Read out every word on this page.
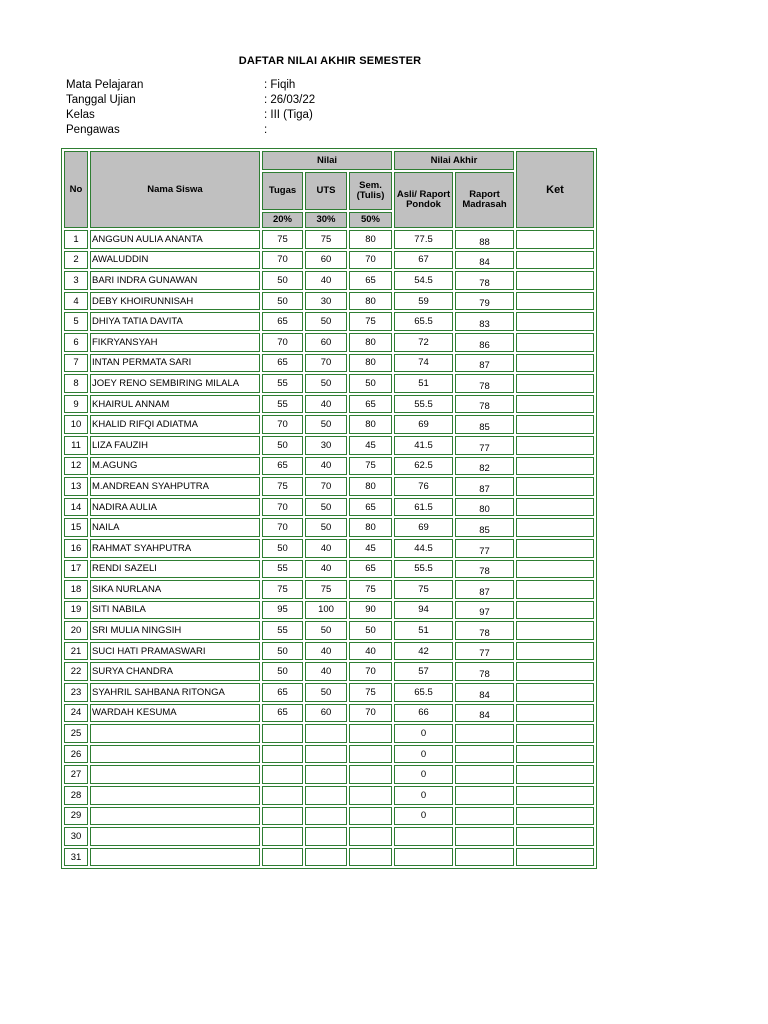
DAFTAR NILAI AKHIR SEMESTER
Mata Pelajaran	: Fiqih
Tanggal Ujian	: 26/03/22
Kelas	: III (Tiga)
Pengawas	:
No	Nama Siswa	Nilai			Nilai Akhir		Ket
		Tugas	UTS	Sem. (Tulis)	Asli/ Raport Pondok	Raport Madrasah	
		20%	30%	50%			
1	ANGGUN AULIA ANANTA	75	75	80	77.5	88	
2	AWALUDDIN	70	60	70	67	84	
3	BARI INDRA GUNAWAN	50	40	65	54.5	78	
4	DEBY KHOIRUNNISAH	50	30	80	59	79	
5	DHIYA TATIA DAVITA	65	50	75	65.5	83	
6	FIKRYANSYAH	70	60	80	72	86	
7	INTAN PERMATA SARI	65	70	80	74	87	
8	JOEY RENO SEMBIRING MILALA	55	50	50	51	78	
9	KHAIRUL ANNAM	55	40	65	55.5	78	
10	KHALID RIFQI ADIATMA	70	50	80	69	85	
11	LIZA FAUZIH	50	30	45	41.5	77	
12	M.AGUNG	65	40	75	62.5	82	
13	M.ANDREAN SYAHPUTRA	75	70	80	76	87	
14	NADIRA AULIA	70	50	65	61.5	80	
15	NAILA	70	50	80	69	85	
16	RAHMAT SYAHPUTRA	50	40	45	44.5	77	
17	RENDI SAZELI	55	40	65	55.5	78	
18	SIKA NURLANA	75	75	75	75	87	
19	SITI NABILA	95	100	90	94	97	
20	SRI MULIA NINGSIH	55	50	50	51	78	
21	SUCI HATI PRAMASWARI	50	40	40	42	77	
22	SURYA CHANDRA	50	40	70	57	78	
23	SYAHRIL SAHBANA RITONGA	65	50	75	65.5	84	
24	WARDAH KESUMA	65	60	70	66	84	
25					0		
26					0		
27					0		
28					0		
29					0		
30							
31							
